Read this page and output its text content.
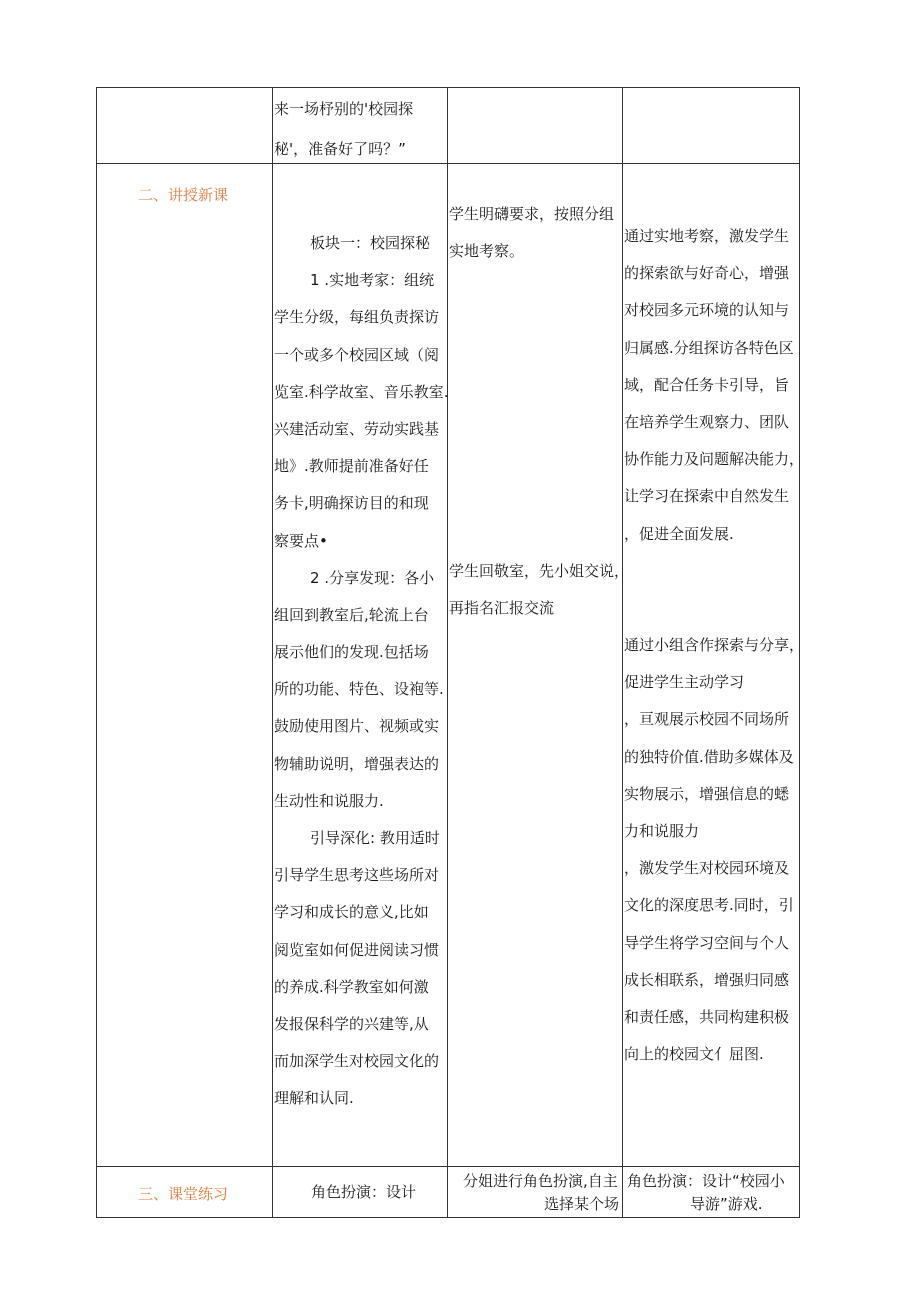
来一场杼别的'校园探
秘'，准备好了吗？”
二、讲授新课
板块一：校园探秘
1 .实地考家：组统
学生分级，每组负责探访
一个或多个校园区域（阅
览室.科学故室、音乐教室.
兴建活动室、劳动实践基
地》.教师提前准备好任
务卡,明确探访目的和现
察要点•
2 .分享发现：各小
组回到教室后,轮流上台
展示他们的发现.包括场
所的功能、特色、设袍等.
鼓励使用图片、视频或实
物辅助说明，增强表达的
生动性和说服力.
引导深化: 教用适时
引导学生思考这些场所对
学习和成长的意义,比如
阅览室如何促进阅读习惯
的养成.科学教室如何激
发报保科学的兴建等,从
而加深学生对校园文化的
理解和认同.
学生明礴要求，按照分组
实地考察。
学生回敬室，先小姐交说，
再指名汇报交流
通过实地考察，激发学生
的探索欲与好奇心，增强
对校园多元环境的认知与
归属感.分组探访各特色区
域，配合任务卡引导，旨
在培养学生观察力、团队
协作能力及问题解决能力，
让学习在探索中自然发生
，促进全面发展.
通过小组含作探索与分享，
促进学生主动学习
，亘观展示校园不同场所
的独特价值.借助多媒体及
实物展示，增强信息的蟋
力和说服力
，激发学生对校园环境及
文化的深度思考.同时，引
导学生将学习空间与个人
成长相联系，增强归同感
和责任感，共同构建积极
向上的校园文亻屈图.
三、课堂练习	角色扮演：设计
分姐进行角色扮演,自主
选择某个场
角色扮演：设计“校园小
导游”游戏.
